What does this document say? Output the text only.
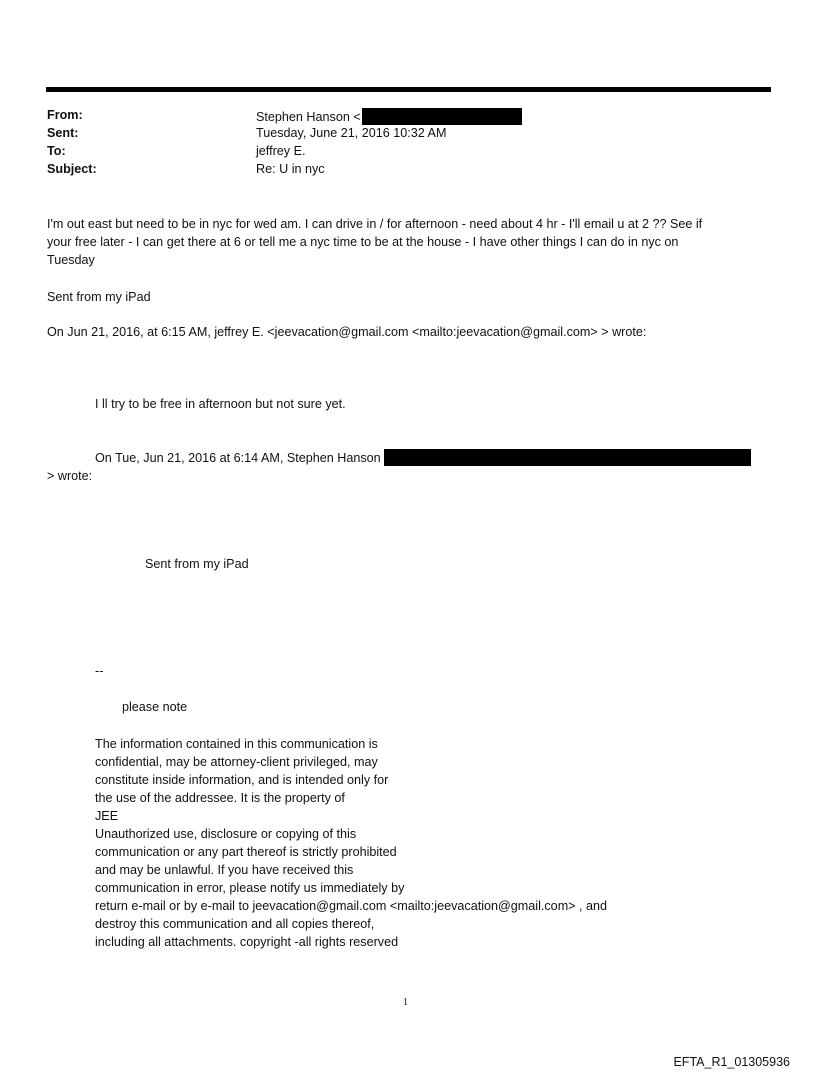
From:	Stephen Hanson <
Sent:	Tuesday, June 21, 2016 10:32 AM
To:	jeffrey E.
Subject:	Re: U in nyc
I'm out east but need to be in nyc for wed am. I can drive in / for afternoon - need about 4 hr - I'll email u at 2 ?? See if
your free later - I can get there at 6 or tell me a nyc time to be at the house - I have other things I can do in nyc on
Tuesday
Sent from my iPad
On Jun 21, 2016, at 6:15 AM, jeffrey E. <jeevacation@gmail.com <mailto:jeevacation@gmail.com> > wrote:
I ll try to be free in afternoon but not sure yet.
On Tue, Jun 21, 2016 at 6:14 AM, Stephen Hanson
> wrote:
Sent from my iPad
--
please note
The information contained in this communication is
confidential, may be attorney-client privileged, may
constitute inside information, and is intended only for
the use of the addressee. It is the property of
JEE
Unauthorized use, disclosure or copying of this
communication or any part thereof is strictly prohibited
and may be unlawful. If you have received this
communication in error, please notify us immediately by
return e-mail or by e-mail to jeevacation@gmail.com <mailto:jeevacation@gmail.com> , and
destroy this communication and all copies thereof,
including all attachments. copyright -all rights reserved
1
EFTA_R1_01305936
